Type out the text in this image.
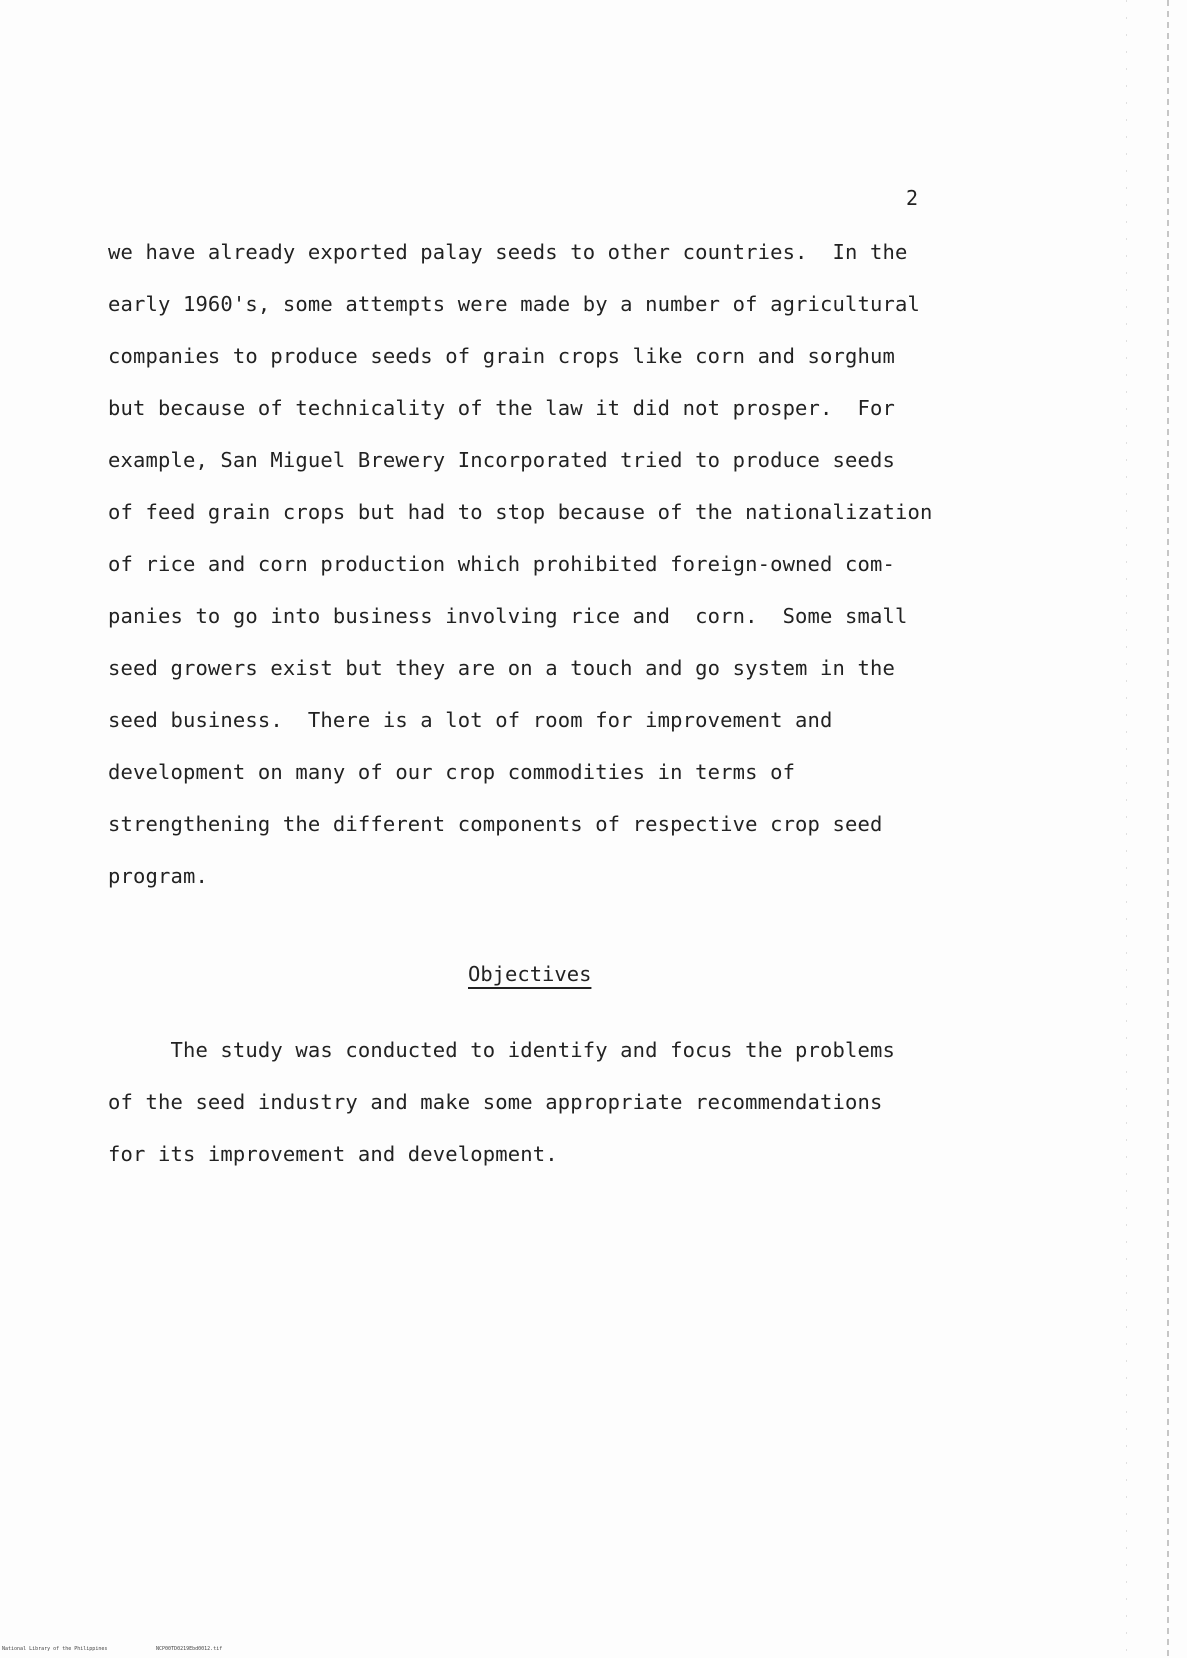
2
we have already exported palay seeds to other countries.  In the
early 1960's, some attempts were made by a number of agricultural
companies to produce seeds of grain crops like corn and sorghum
but because of technicality of the law it did not prosper.  For
example, San Miguel Brewery Incorporated tried to produce seeds
of feed grain crops but had to stop because of the nationalization
of rice and corn production which prohibited foreign-owned com-
panies to go into business involving rice and  corn.  Some small
seed growers exist but they are on a touch and go system in the
seed business.  There is a lot of room for improvement and
development on many of our crop commodities in terms of
strengthening the different components of respective crop seed
program.
Objectives
The study was conducted to identify and focus the problems
of the seed industry and make some appropriate recommendations
for its improvement and development.
National Library of the Philippines	NCP00TD0219Ebd0012.tif
